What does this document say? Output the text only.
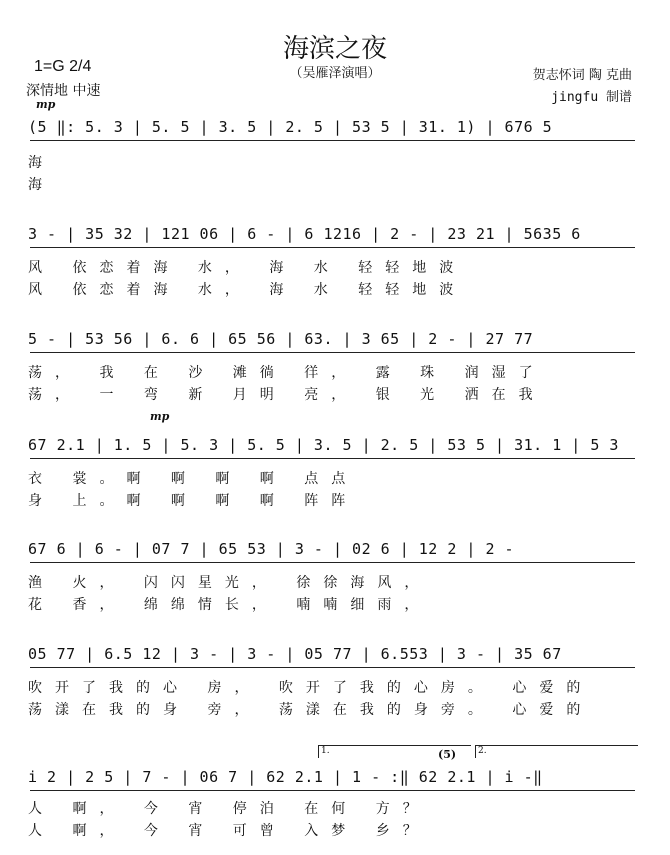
海滨之夜
（吴雁泽演唱）
1=G 2/4
深情地 中速
贺志怀词 陶 克曲
jingfu 制谱
mp
mp
(5 ‖: 5. 3 | 5. 5 | 3. 5 | 2. 5 | 53 5 | 31. 1) | 676 5
海
海
3 - | 35 32 | 121 06 | 6 - | 6 1216 | 2 - | 23 21 | 5635 6
风 依恋着海 水， 海 水 轻轻地波
风 依恋着海 水， 海 水 轻轻地波
5 - | 53 56 | 6. 6 | 65 56 | 63. | 3 65 | 2 - | 27 77
荡， 我 在 沙 滩徜 徉， 露 珠 润湿了
荡， 一 弯 新 月明 亮， 银 光 洒在我
67 2.1 | 1. 5 | 5. 3 | 5. 5 | 3. 5 | 2. 5 | 53 5 | 31. 1 | 5 3
衣 裳。啊 啊 啊 啊 点点
身 上。啊 啊 啊 啊 阵阵
67 6 | 6 - | 07 7 | 65 53 | 3 - | 02 6 | 12 2 | 2 -
渔 火， 闪闪星光， 徐徐海风，
花 香， 绵绵情长， 喃喃细雨，
05 77 | 6.5 12 | 3 - | 3 - | 05 77 | 6.553 | 3 - | 35 67
吹开了我的心 房， 吹开了我的心房。 心爱的
荡漾在我的身 旁， 荡漾在我的身旁。 心爱的
1.	2.
(5)
i 2 | 2 5 | 7 - | 06 7 | 62 2.1 | 1 - :‖ 62 2.1 | i -‖
人 啊， 今 宵 停泊 在何 方？
人 啊， 今 宵 可曾 入梦 乡？
